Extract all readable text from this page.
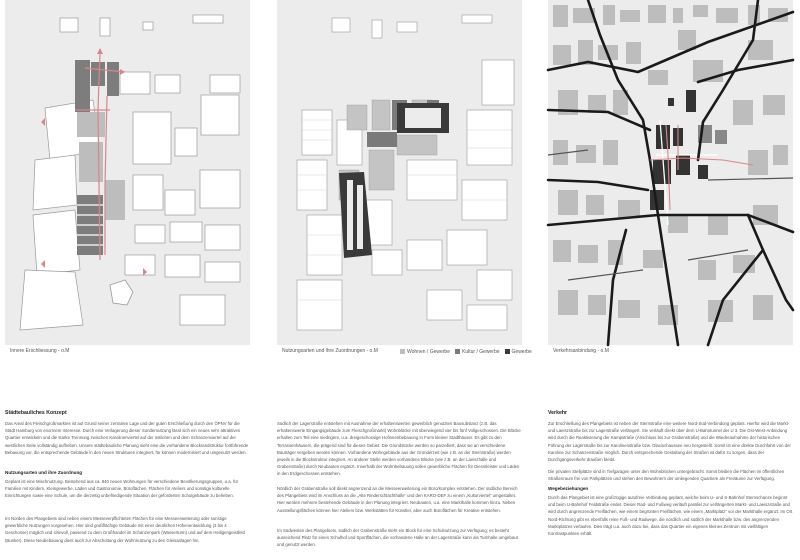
Innere Erschliessung - o.M	Nutzungsarten und ihre Zuordnungen - o.M	Wohnen / Gewerbe	Kultur / Gewerbe	Gewerbe	Verkehrsanbindung - o.M
Städtebauliches Konzept
Das Areal des Fleischgroßmarktes ist auf Grund seiner zentralen Lage und der guten Erschließung durch den ÖPNV für die Stadt Hamburg von enormem Interesse. Durch eine Verlagerung dieser Sondernutzung lässt sich ein neues sehr attraktives Quartier entwickeln und die starke Trennung zwischen Karolinenviertel auf der östlichen und dem Schanzenviertel auf der westlichen Seite vollständig aufheben. Unsere städtebauliche Planung sieht eine die vorhandene Blockrandstruktur fortführende Bebauung vor, die entsprechende Gebäude in den neuen Strukturen integriert, für können modernisiert und umgenutzt werden.
Nutzungsarten und ihre Zuordnung
Geplant ist eine Mischnutzung. Bestehend aus ca. 840 neuen Wohnungen für verschiedene Bevölkerungsgruppen, u.a. für Familien mit Kindern, Kleingewerbe, Läden und Gastronomie, Büroflächen, Flächen für Ateliers und sonstige kulturelle Einrichtungen sowie eine Schule, um die derzeitig unbefriedigende Situation der geforderten Schulgebäude zu beheben.
Im Norden des Plangebiets sind neben einem Messeverpflichteten Flächen für eine Messeerweiterung oder sonstige gewerbliche Nutzungen vorgesehen. Hier sind großflächige Gebäude mit einer deutlichen Höhenentwicklung (3 bis 4 Geschosse) möglich und sinnvoll, passend zu dem Großhandel im Schanzenpark (Wasserturm) und auf dem Heiligengeistfeld (Bunker). Diese Neubebauung dient auch zur Abschottung der Wohnnutzung zu den Gleisanlagen hin.
Südlich der Lagerstraße entstehen mit Ausnahme der erhaltenswerten gewerblich genutzten Bausubstanz (z.B. das erhaltenswerte Eingangsgebäude zum Fleischgroßmarkt) Wohnblöcke mit überwiegend vier bis fünf Vollgeschossen. Die Blöcke erhalten zum Teil eine niedrigere, u.a. dreigeschossige Hofinnenbebauung in Form kleiner Stadthäuser. Es gibt zu den Terrassenhäusern, die prägend sind für dieses Gebiet. Die Grundstücke werden so parzelliert, dass sie an verschiedene Bauträger vergeben werden können. Vorhandene Wohngebäude aus der Gründerzeit (wie z.B. an der Sternstraße) werden jeweils in die Blockstruktur integriert. An anderer Stelle werden vorhandene Blöcke (wie z.B. an der Laeiszhalle und Grabenstraße) durch Neubauten ergänzt. Innerhalb der Wohnbebauung sollen gewerbliche Flächen für Dienstleister und Läden in den Erdgeschossen entstehen.
Nördlich der Grabenstraße soll direkt angrenzend an die Messeerweiterung ein Büro/Komplex entstehen. Der südliche Bereich des Plangebiets wird im Anschluss an die „Alte Rinderschlachthalle“ und den KARO-DEF zu einem „Kulturviertel“ umgestaltet. Hier werden mehrere bestehende Gebäude in den Planung integriert. Neubauten, u.a. eine Markthalle kommen hinzu. Neben Ausstellungsflächen können hier Ateliers bzw. Werkstätten für Künstler, aber auch Büroflächen für Kreative entstehen.
Im Südwesten des Plangebiets, südlich der Grabenstraße steht ein Block für eine Schulnutzung zur Verfügung; es besteht ausreichend Platz für einen Schulhof und Sportflächen, die vorhandene Halle an der Lagerstraße kann als Turnhalle umgebaut und genutzt werden.
Verkehr
Zur Erschließung des Plangebiets ist neben der Sternstraße eine weitere Nord-Süd-Verbindung geplant. Hierfür wird die Markt- und Laeiszstraße bis zur Lagerstraße verlängert. Sie verläuft direkt über dem U-Bahntunnel der U 3. Die Ost-West-Anbindung wird durch die Reaktivierung der Kampstraße (Anschluss bis zur Grabenstraße) und die Wiederaufnahme der historischen Führung der Lagerstraße bis zur Karolinenstraße bzw. Glacischaussee neu hergestellt. Somit ist eine direkte Durchfahrt von der Karoline zur Schanzenstraße möglich. Durch entsprechende Gestaltung der Straßen ist dafür zu sorgen, dass der Durchgangsverkehr draußen bleibt.
Die privaten Stellplätze sind in Tiefgaragen unter den Wohnblöcken untergebracht. Somit bleiben die Flächen im öffentlichen Straßenraum frei von Parkplätzen und stehen den Bewohnern der umliegenden Quartiere als Freiräume zur Verfügung.
Wegebeziehungen
Durch das Plangebiet ist eine großzügige autofreie Verbindung geplant, welche beim U- und S-Bahnhof Sternschanze beginnt und beim U-Bahnhof Feldstraße endet. Dieser Rad- und Fußweg verläuft parallel zur verlängerten Markt- und Laeiszstraße und wird durch angrenzende Freiflächen, wie einem begrünten Freiflächen, wie einem „Marktplatz“ vor der Markthalle ergänzt. Im Ort Nord-Richtung gibt es ebenfalls reine Fuß- und Radwege, die nördlich und südlich der Markthalle bzw. des angrenzenden Marktplatzes verlaufen. Dies trägt u.a. auch dazu bei, dass das Quartier ein eigenes kleines Zentrum mit vielfältigen Kontrastpunkten erhält.
